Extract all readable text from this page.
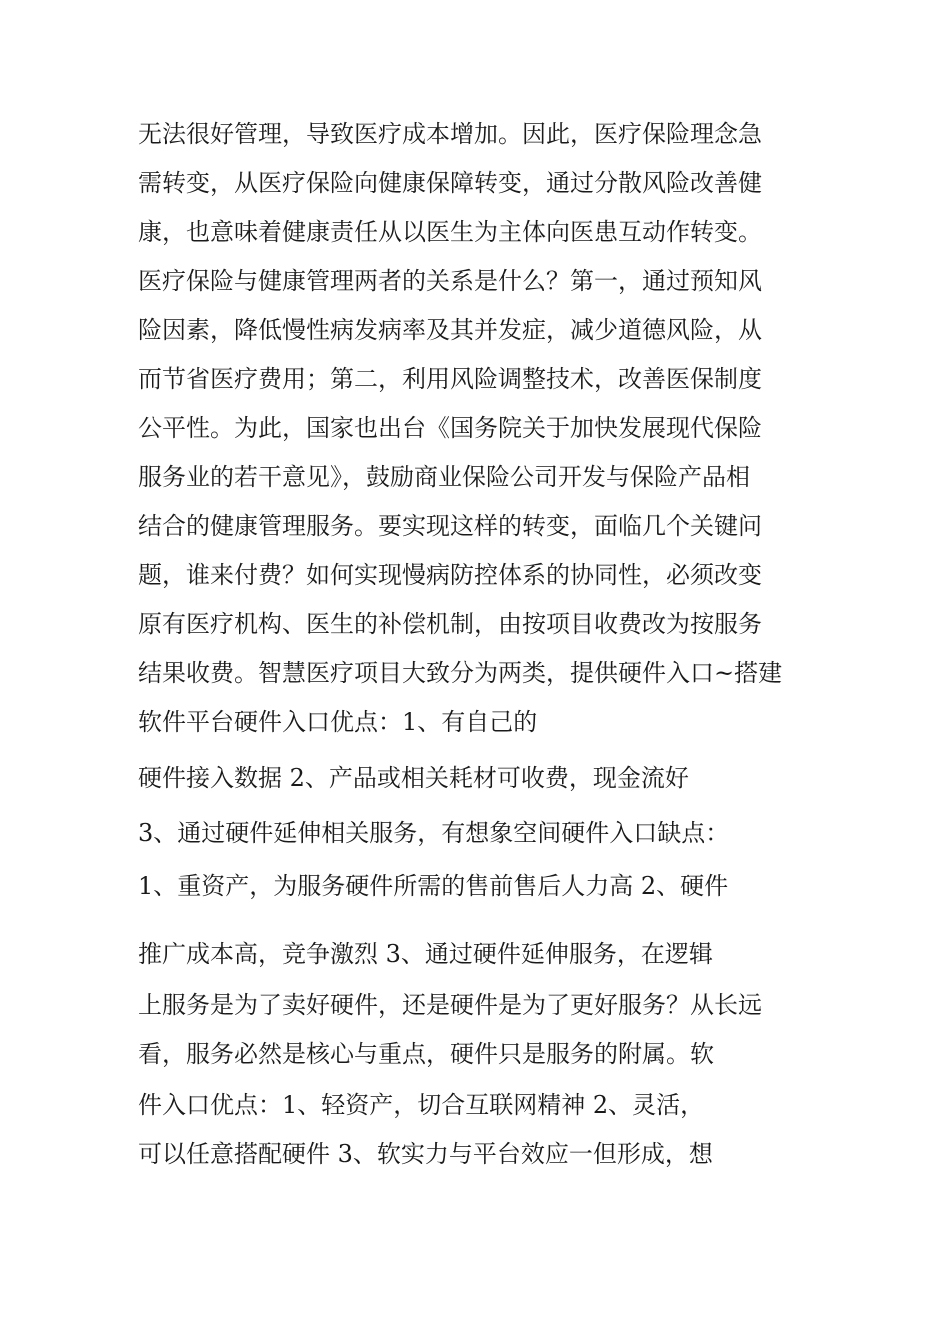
无法很好管理，导致医疗成本增加。因此，医疗保险理念急

需转变，从医疗保险向健康保障转变，通过分散风险改善健

康，也意味着健康责任从以医生为主体向医患互动作转变。

医疗保险与健康管理两者的关系是什么？第一，通过预知风

险因素，降低慢性病发病率及其并发症，减少道德风险，从

而节省医疗费用；第二，利用风险调整技术，改善医保制度

公平性。为此，国家也出台《国务院关于加快发展现代保险

服务业的若干意见》，鼓励商业保险公司开发与保险产品相

结合的健康管理服务。要实现这样的转变，面临几个关键问

题，谁来付费？如何实现慢病防控体系的协同性，必须改变

原有医疗机构、医生的补偿机制，由按项目收费改为按服务

结果收费。智慧医疗项目大致分为两类，提供硬件入口~搭建

软件平台硬件入口优点：1、有自己的

硬件接入数据 2、产品或相关耗材可收费，现金流好

3、通过硬件延伸相关服务，有想象空间硬件入口缺点：

1、重资产，为服务硬件所需的售前售后人力高 2、硬件

推广成本高，竞争激烈 3、通过硬件延伸服务，在逻辑

上服务是为了卖好硬件，还是硬件是为了更好服务？从长远

看，服务必然是核心与重点，硬件只是服务的附属。软

件入口优点：1、轻资产，切合互联网精神 2、灵活，

可以任意搭配硬件 3、软实力与平台效应一但形成，想
